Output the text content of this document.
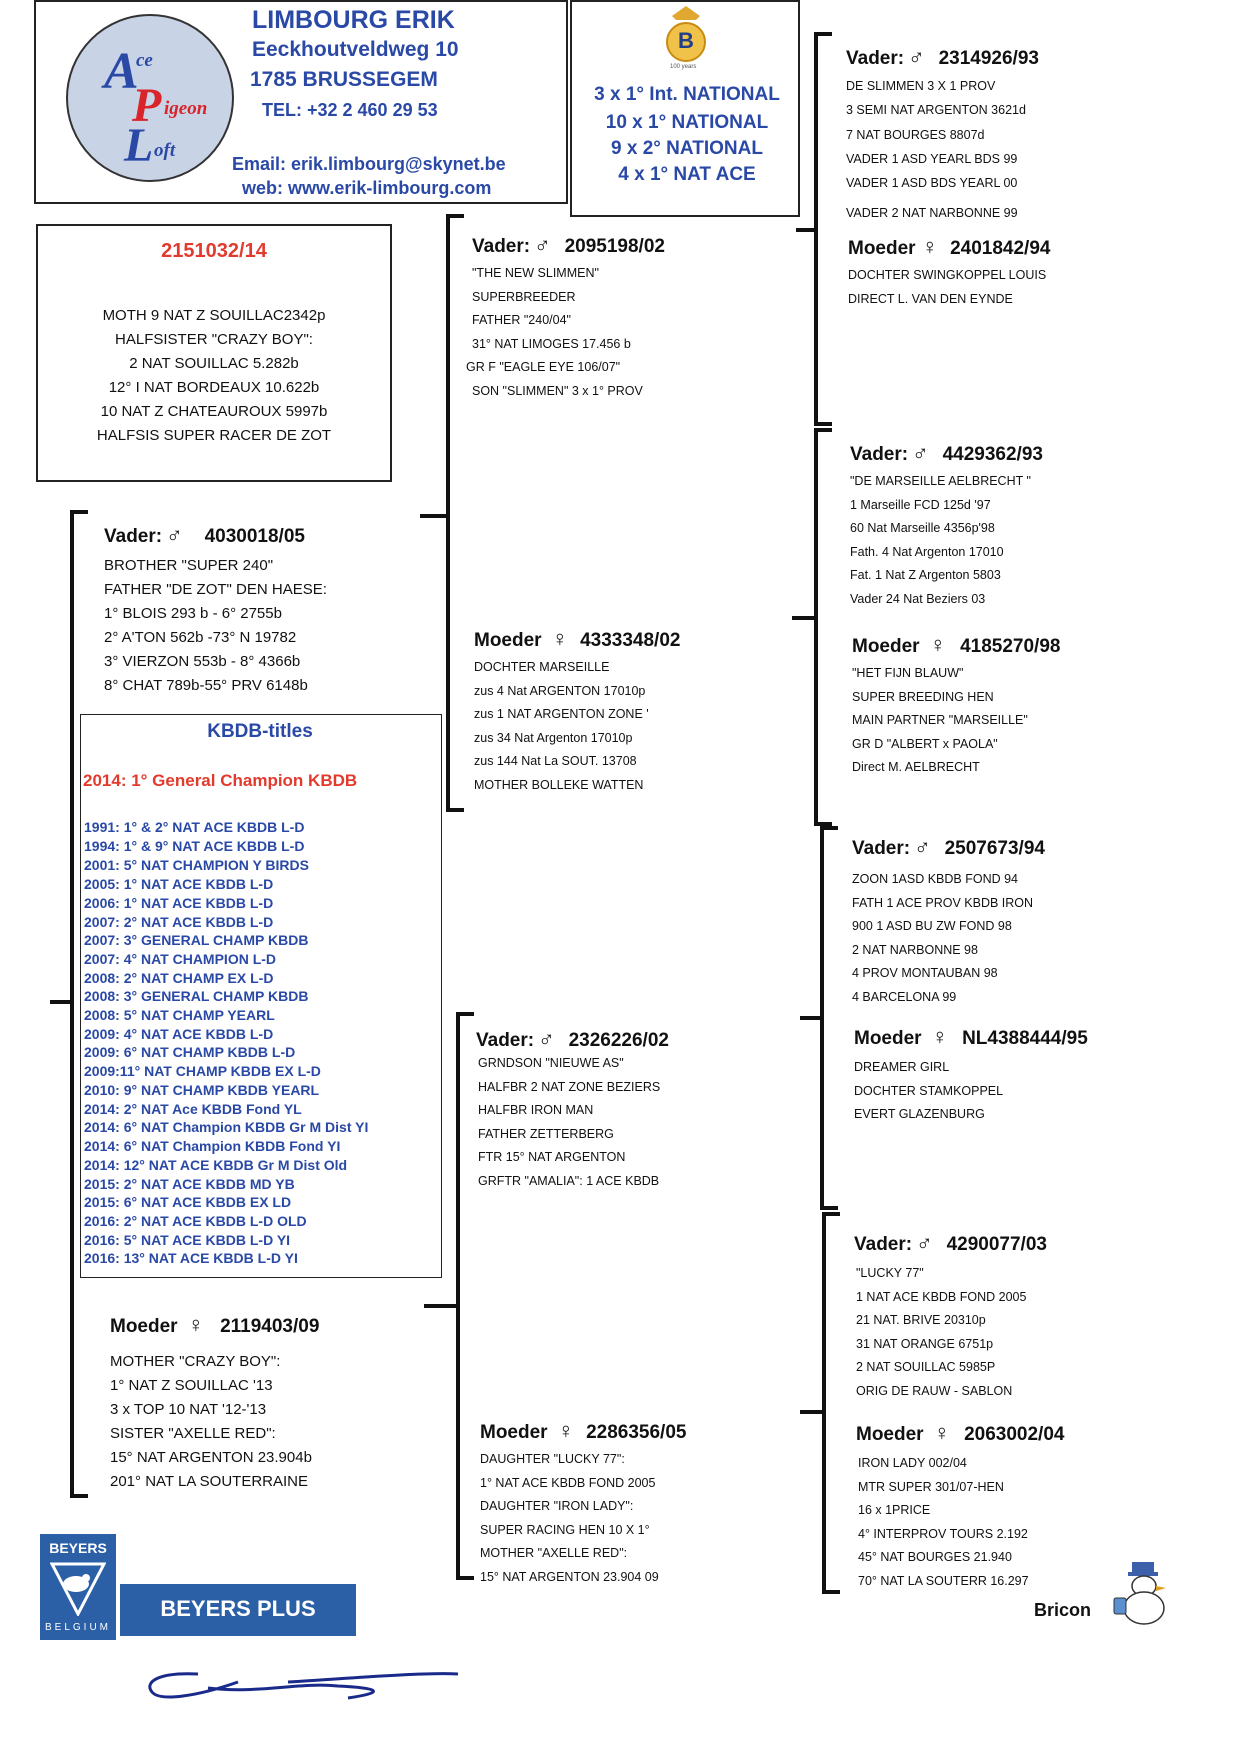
A
ce
P igeon
L oft
LIMBOURG ERIK
Eeckhoutveldweg 10
1785 BRUSSEGEM
TEL: +32 2 460 29 53
Email: erik.limbourg@skynet.be
web: www.erik-limbourg.com
B
100 years
3 x 1° Int. NATIONAL
10 x 1° NATIONAL
9 x 2° NATIONAL
4 x 1° NAT ACE
2151032/14
MOTH 9 NAT Z SOUILLAC2342p
HALFSISTER "CRAZY BOY":
2 NAT SOUILLAC 5.282b
12° I NAT BORDEAUX 10.622b
10 NAT Z CHATEAUROUX 5997b
HALFSIS SUPER RACER DE ZOT
Vader: ♂ 4030018/05
BROTHER "SUPER 240"
FATHER "DE ZOT" DEN HAESE:
1° BLOIS 293 b - 6° 2755b
2° A'TON 562b -73° N 19782
3° VIERZON 553b - 8° 4366b
8° CHAT 789b-55° PRV 6148b
KBDB-titles
2014: 1° General Champion KBDB
1991: 1° & 2° NAT ACE KBDB L-D
1994: 1° & 9° NAT ACE KBDB L-D
2001: 5° NAT CHAMPION Y BIRDS
2005: 1° NAT ACE KBDB L-D
2006: 1° NAT ACE KBDB L-D
2007: 2° NAT ACE KBDB L-D
2007: 3° GENERAL CHAMP KBDB
2007: 4° NAT CHAMPION L-D
2008: 2° NAT CHAMP EX L-D
2008: 3° GENERAL CHAMP KBDB
2008: 5° NAT CHAMP YEARL
2009: 4° NAT ACE KBDB L-D
2009: 6° NAT CHAMP KBDB L-D
2009:11° NAT CHAMP KBDB EX L-D
2010: 9° NAT CHAMP KBDB YEARL
2014: 2° NAT Ace KBDB Fond YL
2014: 6° NAT Champion KBDB Gr M Dist YI
2014: 6° NAT Champion KBDB Fond YI
2014: 12° NAT ACE KBDB Gr M Dist Old
2015: 2° NAT ACE KBDB MD YB
2015: 6° NAT ACE KBDB EX LD
2016: 2° NAT ACE KBDB L-D OLD
2016: 5° NAT ACE KBDB L-D YI
2016: 13° NAT ACE KBDB L-D YI
Moeder ♀ 2119403/09
MOTHER "CRAZY BOY":
1° NAT Z SOUILLAC '13
3 x TOP 10 NAT '12-'13
SISTER "AXELLE RED":
15° NAT ARGENTON 23.904b
201° NAT LA SOUTERRAINE
Vader: ♂ 2095198/02
"THE NEW SLIMMEN"
SUPERBREEDER
FATHER "240/04"
31° NAT LIMOGES 17.456 b
GR F "EAGLE EYE 106/07"
SON "SLIMMEN" 3 x 1° PROV
Moeder ♀ 4333348/02
DOCHTER MARSEILLE
zus 4 Nat ARGENTON 17010p
zus 1 NAT ARGENTON ZONE '
zus 34 Nat Argenton 17010p
zus 144 Nat La SOUT. 13708
MOTHER BOLLEKE WATTEN
Vader: ♂ 2326226/02
GRNDSON "NIEUWE AS"
HALFBR 2 NAT ZONE BEZIERS
HALFBR IRON MAN
FATHER ZETTERBERG
FTR 15° NAT ARGENTON
GRFTR "AMALIA": 1 ACE KBDB
Moeder ♀ 2286356/05
DAUGHTER "LUCKY 77":
1° NAT ACE KBDB FOND 2005
DAUGHTER "IRON LADY":
SUPER RACING HEN 10 X 1°
MOTHER "AXELLE RED":
15° NAT ARGENTON 23.904 09
Vader: ♂ 2314926/93
DE SLIMMEN 3 X 1 PROV
3 SEMI NAT ARGENTON 3621d
7 NAT BOURGES 8807d
VADER 1 ASD YEARL BDS 99
VADER 1 ASD BDS YEARL 00
VADER 2 NAT NARBONNE 99
Moeder ♀ 2401842/94
DOCHTER SWINGKOPPEL LOUIS
DIRECT L. VAN DEN EYNDE
Vader: ♂ 4429362/93
"DE MARSEILLE AELBRECHT "
1 Marseille FCD 125d '97
60 Nat Marseille 4356p'98
Fath. 4 Nat Argenton 17010
Fat. 1 Nat Z Argenton 5803
Vader 24 Nat Beziers 03
Moeder ♀ 4185270/98
"HET FIJN BLAUW"
SUPER BREEDING HEN
MAIN PARTNER "MARSEILLE"
GR D "ALBERT x PAOLA"
Direct M. AELBRECHT
Vader: ♂ 2507673/94
ZOON 1ASD KBDB FOND 94
FATH 1 ACE PROV KBDB IRON
900 1 ASD BU ZW FOND 98
2 NAT NARBONNE 98
4 PROV MONTAUBAN 98
4 BARCELONA 99
Moeder ♀ NL4388444/95
DREAMER GIRL
DOCHTER STAMKOPPEL
EVERT GLAZENBURG
Vader: ♂ 4290077/03
"LUCKY 77"
1 NAT ACE KBDB FOND 2005
21 NAT. BRIVE 20310p
31 NAT ORANGE 6751p
2 NAT SOUILLAC 5985P
ORIG DE RAUW - SABLON
Moeder ♀ 2063002/04
IRON LADY 002/04
MTR SUPER 301/07-HEN
16 x 1PRICE
4° INTERPROV TOURS 2.192
45° NAT BOURGES 21.940
70° NAT LA SOUTERR 16.297
BEYERS
BELGIUM
BEYERS PLUS	Bricon
